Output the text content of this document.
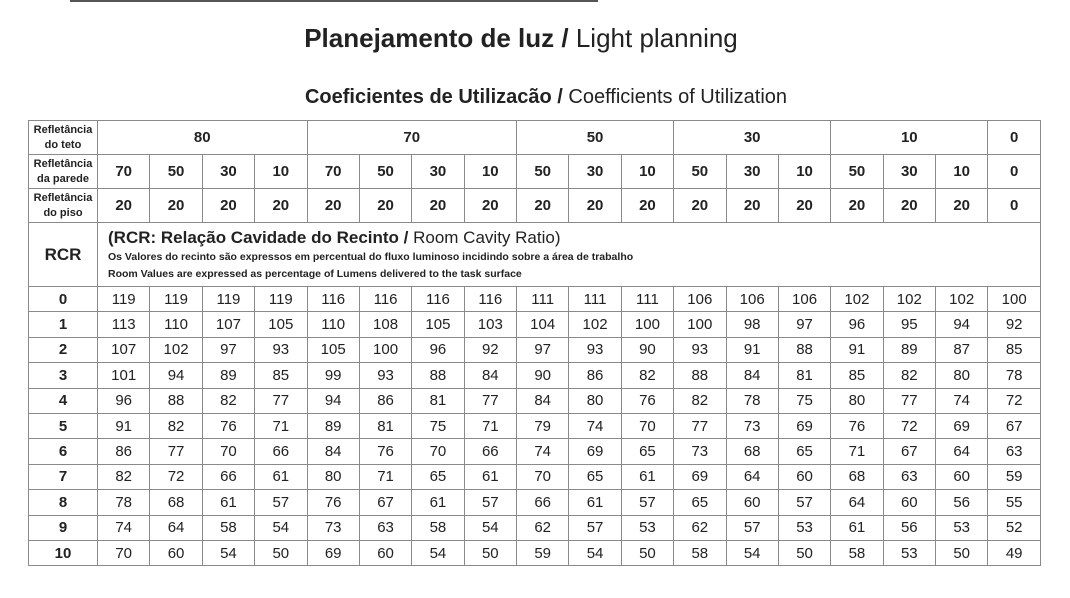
Planejamento de luz / Light planning
Coeficientes de Utilizacão / Coefficients of Utilization
Refletância do teto	80				70				50			30			10			0
Refletância da parede	70	50	30	10	70	50	30	10	50	30	10	50	30	10	50	30	10	0
Refletância do piso	20	20	20	20	20	20	20	20	20	20	20	20	20	20	20	20	20	0
RCR	(RCR: Relação Cavidade do Recinto / Room Cavity Ratio)
Os Valores do recinto são expressos em percentual do fluxo luminoso incidindo sobre a área de trabalho
Room Values are expressed as percentage of Lumens delivered to the task surface																	

0	119	119	119	119	116	116	116	116	111	111	111	106	106	106	102	102	102	100
1	113	110	107	105	110	108	105	103	104	102	100	100	98	97	96	95	94	92
2	107	102	97	93	105	100	96	92	97	93	90	93	91	88	91	89	87	85
3	101	94	89	85	99	93	88	84	90	86	82	88	84	81	85	82	80	78
4	96	88	82	77	94	86	81	77	84	80	76	82	78	75	80	77	74	72
5	91	82	76	71	89	81	75	71	79	74	70	77	73	69	76	72	69	67
6	86	77	70	66	84	76	70	66	74	69	65	73	68	65	71	67	64	63
7	82	72	66	61	80	71	65	61	70	65	61	69	64	60	68	63	60	59
8	78	68	61	57	76	67	61	57	66	61	57	65	60	57	64	60	56	55
9	74	64	58	54	73	63	58	54	62	57	53	62	57	53	61	56	53	52
10	70	60	54	50	69	60	54	50	59	54	50	58	54	50	58	53	50	49
